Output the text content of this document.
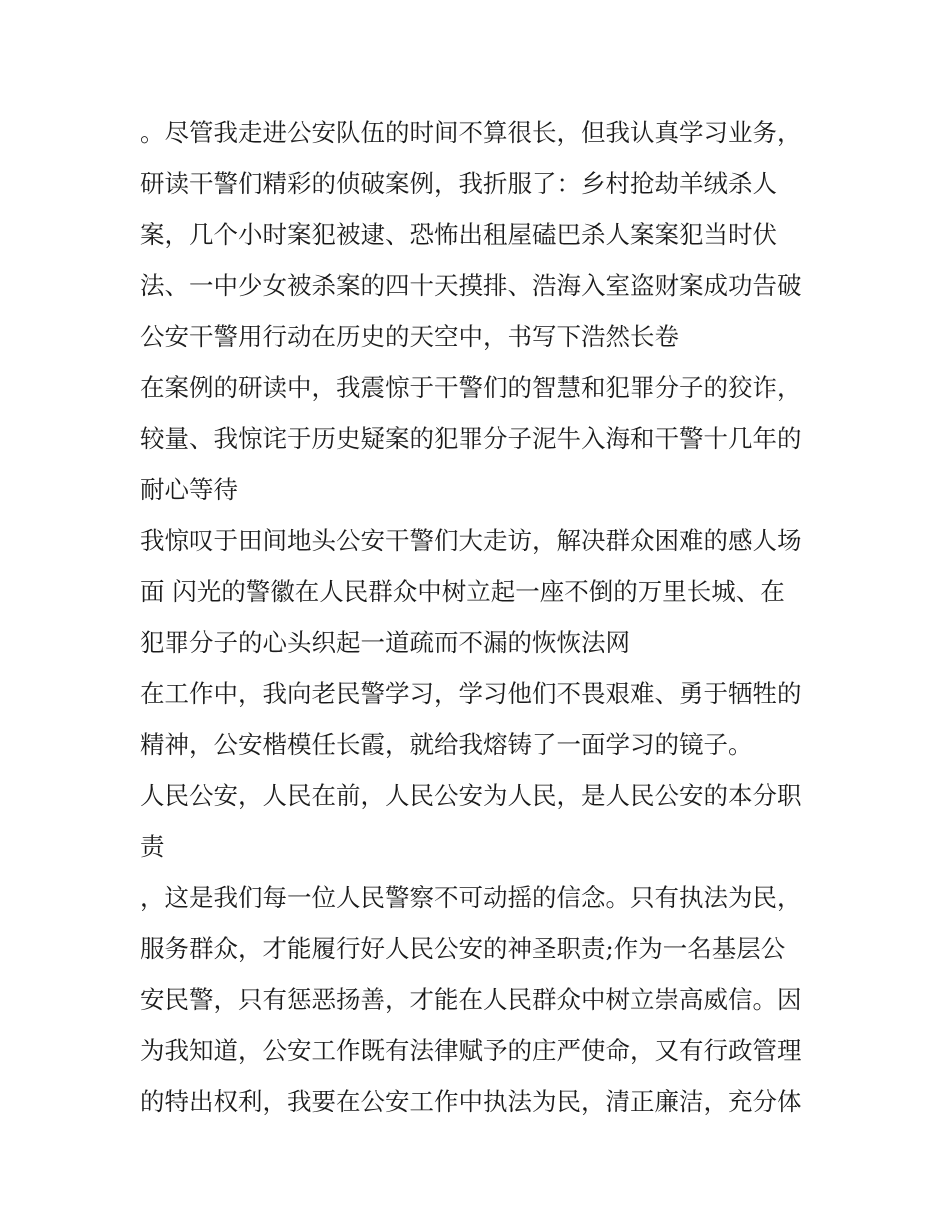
。尽管我走进公安队伍的时间不算很长，但我认真学习业务，
研读干警们精彩的侦破案例，我折服了：乡村抢劫羊绒杀人
案，几个小时案犯被逮、恐怖出租屋磕巴杀人案案犯当时伏
法、一中少女被杀案的四十天摸排、浩海入室盗财案成功告破
公安干警用行动在历史的天空中，书写下浩然长卷
在案例的研读中，我震惊于干警们的智慧和犯罪分子的狡诈，
较量、我惊诧于历史疑案的犯罪分子泥牛入海和干警十几年的
耐心等待
我惊叹于田间地头公安干警们大走访，解决群众困难的感人场
面 闪光的警徽在人民群众中树立起一座不倒的万里长城、在
犯罪分子的心头织起一道疏而不漏的恢恢法网
在工作中，我向老民警学习，学习他们不畏艰难、勇于牺牲的
精神，公安楷模任长霞，就给我熔铸了一面学习的镜子。
人民公安，人民在前，人民公安为人民，是人民公安的本分职
责
，这是我们每一位人民警察不可动摇的信念。只有执法为民，
服务群众，才能履行好人民公安的神圣职责;作为一名基层公
安民警，只有惩恶扬善，才能在人民群众中树立崇高威信。因
为我知道，公安工作既有法律赋予的庄严使命，又有行政管理
的特出权利，我要在公安工作中执法为民，清正廉洁，充分体
